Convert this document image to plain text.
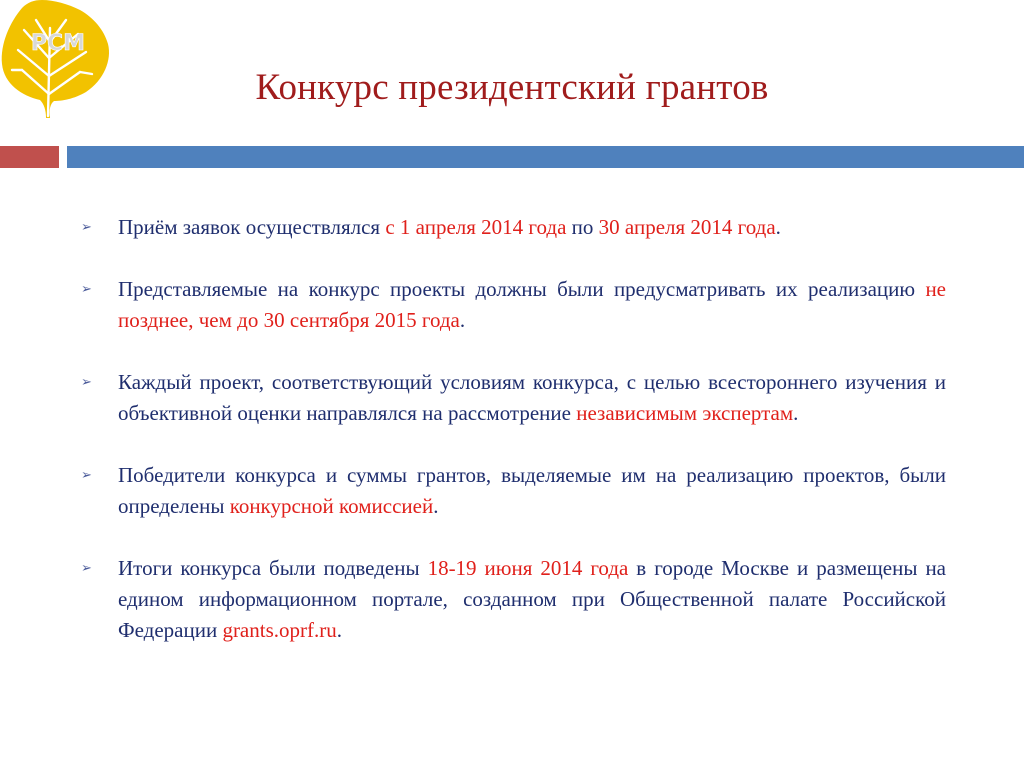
РСМ
Конкурс президентский грантов
➢ Приём заявок осуществлялся с 1 апреля 2014 года по 30 апреля 2014 года.
➢ Представляемые на конкурс проекты должны были предусматривать их реализацию не позднее, чем до 30 сентября 2015 года.
➢ Каждый проект, соответствующий условиям конкурса, с целью всестороннего изучения и объективной оценки направлялся на рассмотрение независимым экспертам.
➢ Победители конкурса и суммы грантов, выделяемые им на реализацию проектов, были определены конкурсной комиссией.
➢ Итоги конкурса были подведены 18-19 июня 2014 года в городе Москве и размещены на едином информационном портале, созданном при Общественной палате Российской Федерации grants.oprf.ru.
